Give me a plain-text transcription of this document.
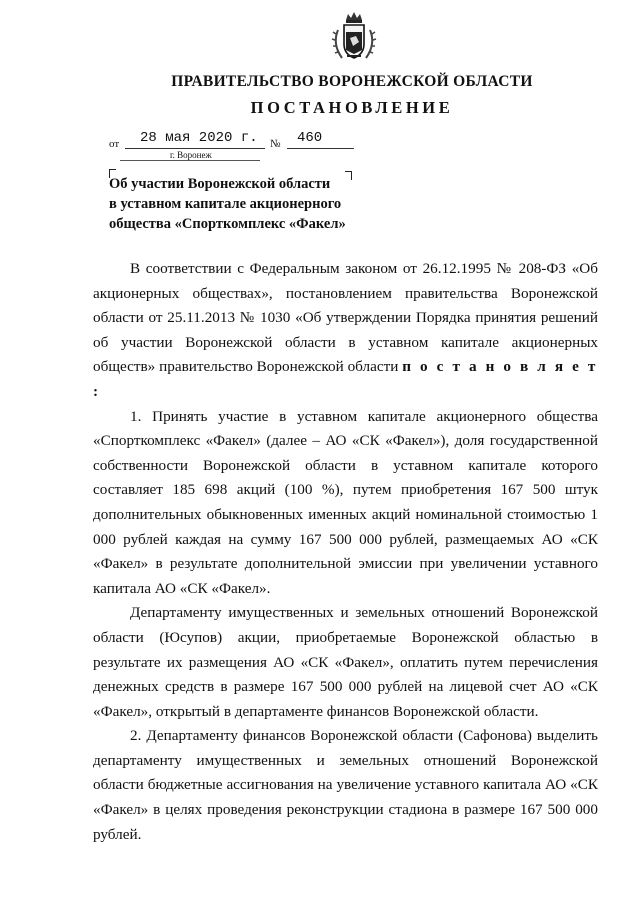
ПРАВИТЕЛЬСТВО ВОРОНЕЖСКОЙ ОБЛАСТИ
ПОСТАНОВЛЕНИЕ
от 28 мая 2020 г. № 460
г. Воронеж
Об участии Воронежской области
в уставном капитале акционерного
общества «Спорткомплекс «Факел»

В соответствии с Федеральным законом от 26.12.1995 № 208-ФЗ «Об акционерных обществах», постановлением правительства Воронежской области от 25.11.2013 № 1030 «Об утверждении Порядка принятия решений об участии Воронежской области в уставном капитале акционерных обществ» правительство Воронежской области п о с т а н о в л я е т :

1. Принять участие в уставном капитале акционерного общества «Спорткомплекс «Факел» (далее – АО «СК «Факел»), доля государственной собственности Воронежской области в уставном капитале которого составляет 185 698 акций (100 %), путем приобретения 167 500 штук дополнительных обыкновенных именных акций номинальной стоимостью 1 000 рублей каждая на сумму 167 500 000 рублей, размещаемых АО «СК «Факел» в результате дополнительной эмиссии при увеличении уставного капитала АО «СК «Факел».

Департаменту имущественных и земельных отношений Воронежской области (Юсупов) акции, приобретаемые Воронежской областью в результате их размещения АО «СК «Факел», оплатить путем перечисления денежных средств в размере 167 500 000 рублей на лицевой счет АО «СК «Факел», открытый в департаменте финансов Воронежской области.

2. Департаменту финансов Воронежской области (Сафонова) выделить департаменту имущественных и земельных отношений Воронежской области бюджетные ассигнования на увеличение уставного капитала АО «СК «Факел» в целях проведения реконструкции стадиона в размере 167 500 000 рублей.
